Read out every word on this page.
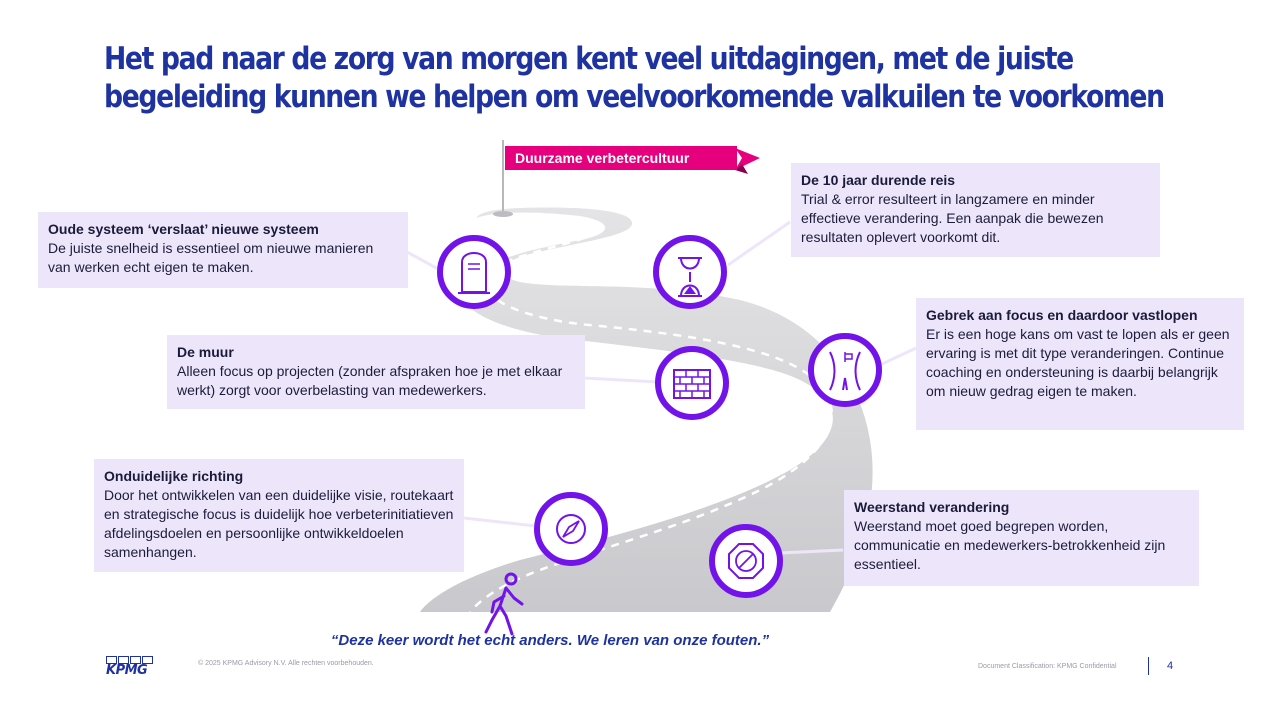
Het pad naar de zorg van morgen kent veel uitdagingen, met de juiste
begeleiding kunnen we helpen om veelvoorkomende valkuilen te voorkomen
Duurzame verbetercultuur
Oude systeem ‘verslaat’ nieuwe systeem

De juiste snelheid is essentieel om nieuwe manieren van werken echt eigen te maken.

De 10 jaar durende reis

Trial & error resulteert in langzamere en minder effectieve verandering. Een aanpak die bewezen resultaten oplevert voorkomt dit.

Gebrek aan focus en daardoor vastlopen

Er is een hoge kans om vast te lopen als er geen ervaring is met dit type veranderingen. Continue coaching en ondersteuning is daarbij belangrijk om nieuw gedrag eigen te maken.

De muur

Alleen focus op projecten (zonder afspraken hoe je met elkaar werkt) zorgt voor overbelasting van medewerkers.

Onduidelijke richting

Door het ontwikkelen van een duidelijke visie, routekaart en strategische focus is duidelijk hoe verbeterinitiatieven afdelingsdoelen en persoonlijke ontwikkeldoelen samenhangen.

Weerstand verandering

Weerstand moet goed begrepen worden, communicatie en medewerkers-betrokkenheid zijn essentieel.

“Deze keer wordt het echt anders. We leren van onze fouten.”
KPMG	© 2025 KPMG Advisory N.V. Alle rechten voorbehouden.	Document Classification: KPMG Confidential	4
